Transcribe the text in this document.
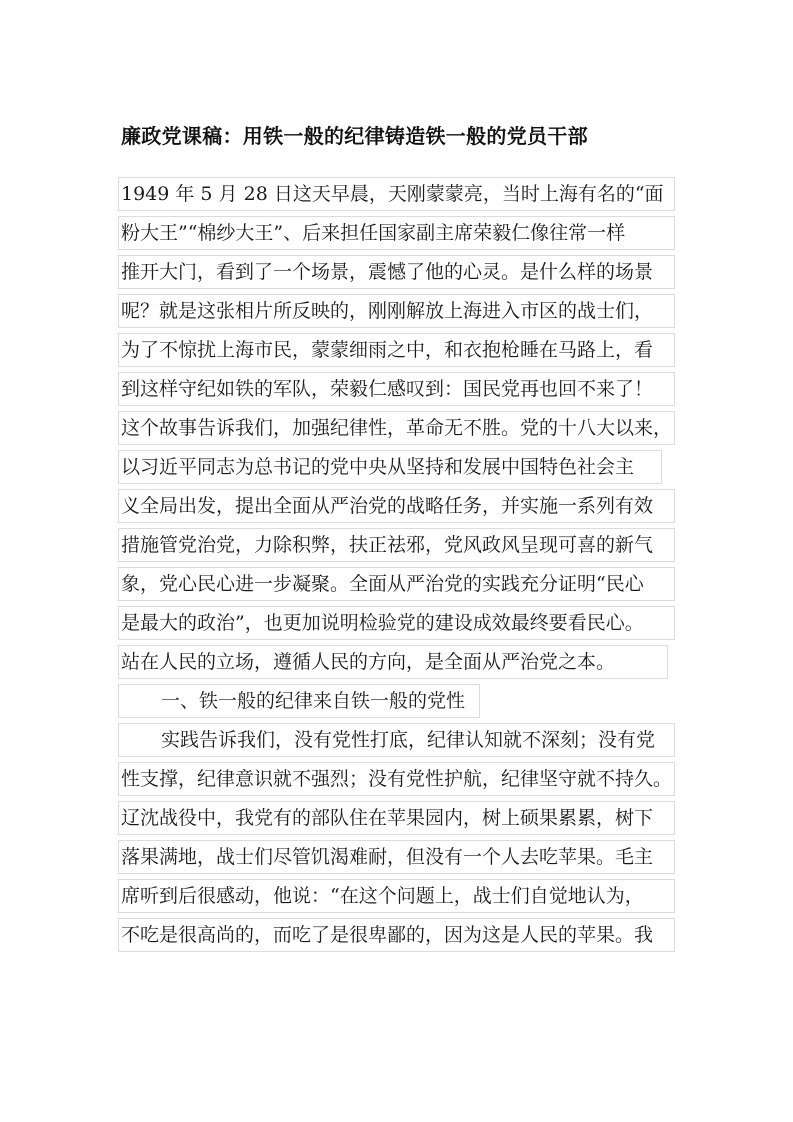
廉政党课稿：用铁一般的纪律铸造铁一般的党员干部
1949 年 5 月 28 日这天早晨，天刚蒙蒙亮，当时上海有名的“面
粉大王”“棉纱大王”、后来担任国家副主席荣毅仁像往常一样
推开大门，看到了一个场景，震憾了他的心灵。是什么样的场景
呢？就是这张相片所反映的，刚刚解放上海进入市区的战士们，
为了不惊扰上海市民，蒙蒙细雨之中，和衣抱枪睡在马路上，看
到这样守纪如铁的军队，荣毅仁感叹到：国民党再也回不来了！
这个故事告诉我们，加强纪律性，革命无不胜。党的十八大以来，
以习近平同志为总书记的党中央从坚持和发展中国特色社会主
义全局出发，提出全面从严治党的战略任务，并实施一系列有效
措施管党治党，力除积弊，扶正祛邪，党风政风呈现可喜的新气
象，党心民心进一步凝聚。全面从严治党的实践充分证明“民心
是最大的政治”，也更加说明检验党的建设成效最终要看民心。
站在人民的立场，遵循人民的方向，是全面从严治党之本。
一、铁一般的纪律来自铁一般的党性
实践告诉我们，没有党性打底，纪律认知就不深刻；没有党
性支撑，纪律意识就不强烈；没有党性护航，纪律坚守就不持久。
辽沈战役中，我党有的部队住在苹果园内，树上硕果累累，树下
落果满地，战士们尽管饥渴难耐，但没有一个人去吃苹果。毛主
席听到后很感动，他说：“在这个问题上，战士们自觉地认为，
不吃是很高尚的，而吃了是很卑鄙的，因为这是人民的苹果。我
